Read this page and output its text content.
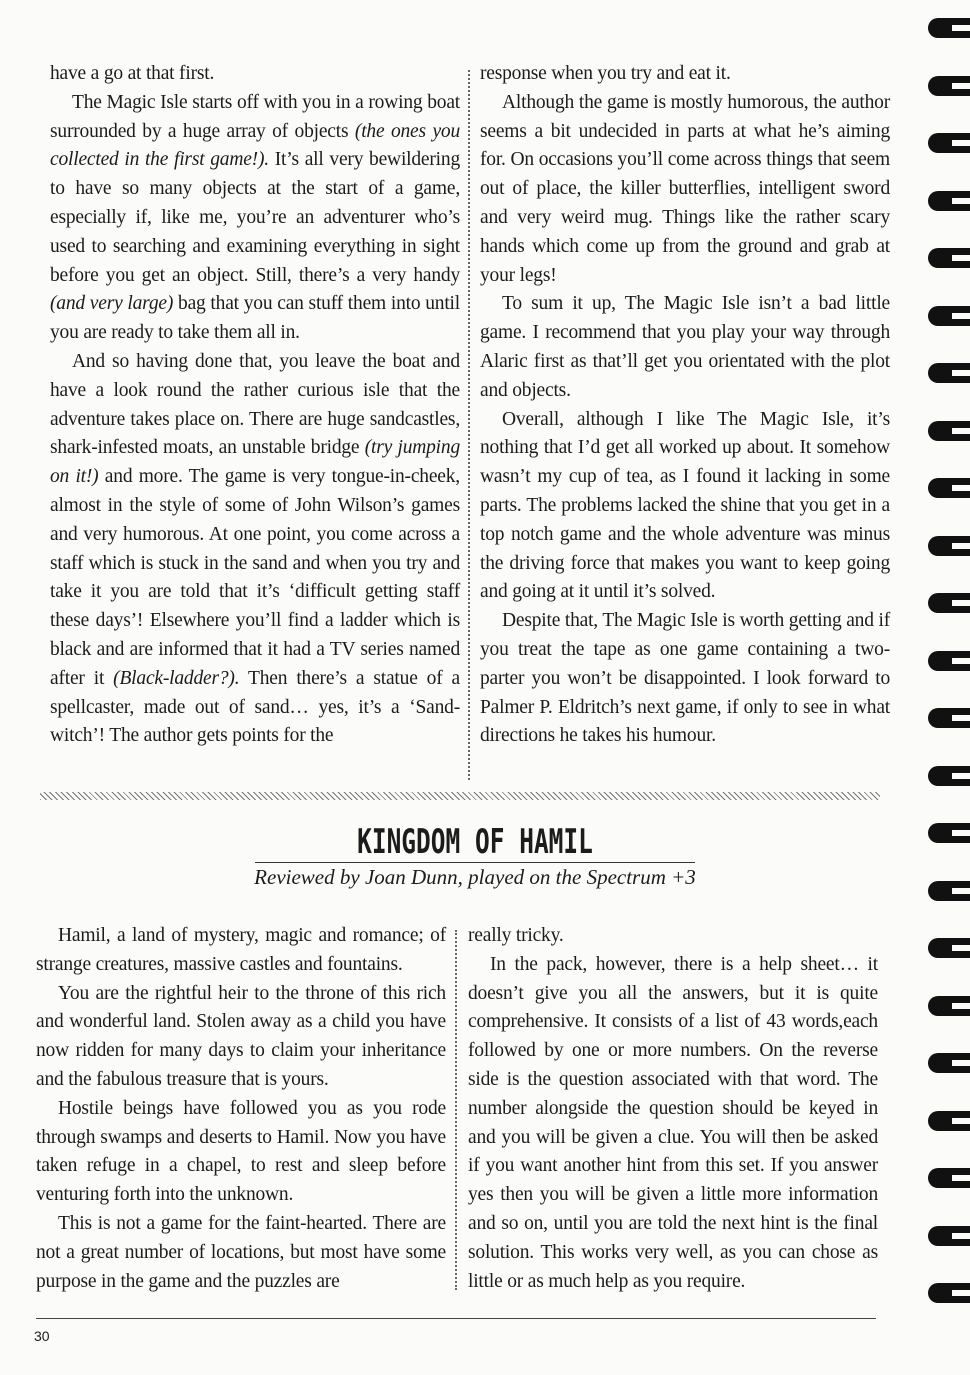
have a go at that first.

The Magic Isle starts off with you in a rowing boat surrounded by a huge array of objects (the ones you collected in the first game!). It’s all very bewildering to have so many objects at the start of a game, especially if, like me, you’re an adventurer who’s used to searching and examining everything in sight before you get an object. Still, there’s a very handy (and very large) bag that you can stuff them into until you are ready to take them all in.

And so having done that, you leave the boat and have a look round the rather curious isle that the adventure takes place on. There are huge sandcastles, shark-infested moats, an unstable bridge (try jumping on it!) and more. The game is very tongue-in-cheek, almost in the style of some of John Wilson’s games and very humorous. At one point, you come across a staff which is stuck in the sand and when you try and take it you are told that it’s ‘difficult getting staff these days’! Elsewhere you’ll find a ladder which is black and are informed that it had a TV series named after it (Black-ladder?). Then there’s a statue of a spellcaster, made out of sand… yes, it’s a ‘Sand-witch’! The author gets points for the

response when you try and eat it.

Although the game is mostly humorous, the author seems a bit undecided in parts at what he’s aiming for. On occasions you’ll come across things that seem out of place, the killer butterflies, intelligent sword and very weird mug. Things like the rather scary hands which come up from the ground and grab at your legs!

To sum it up, The Magic Isle isn’t a bad little game. I recommend that you play your way through Alaric first as that’ll get you orientated with the plot and objects.

Overall, although I like The Magic Isle, it’s nothing that I’d get all worked up about. It somehow wasn’t my cup of tea, as I found it lacking in some parts. The problems lacked the shine that you get in a top notch game and the whole adventure was minus the driving force that makes you want to keep going and going at it until it’s solved.

Despite that, The Magic Isle is worth getting and if you treat the tape as one game containing a two-parter you won’t be disappointed. I look forward to Palmer P. Eldritch’s next game, if only to see in what directions he takes his humour.

KINGDOM OF HAMIL
Reviewed by Joan Dunn, played on the Spectrum +3

Hamil, a land of mystery, magic and romance; of strange creatures, massive castles and fountains.

You are the rightful heir to the throne of this rich and wonderful land. Stolen away as a child you have now ridden for many days to claim your inheritance and the fabulous treasure that is yours.

Hostile beings have followed you as you rode through swamps and deserts to Hamil. Now you have taken refuge in a chapel, to rest and sleep before venturing forth into the unknown.

This is not a game for the faint-hearted. There are not a great number of locations, but most have some purpose in the game and the puzzles are

really tricky.

In the pack, however, there is a help sheet… it doesn’t give you all the answers, but it is quite comprehensive. It consists of a list of 43 words,each followed by one or more numbers. On the reverse side is the question associated with that word. The number alongside the question should be keyed in and you will be given a clue. You will then be asked if you want another hint from this set. If you answer yes then you will be given a little more information and so on, until you are told the next hint is the final solution. This works very well, as you can chose as little or as much help as you require.

30
